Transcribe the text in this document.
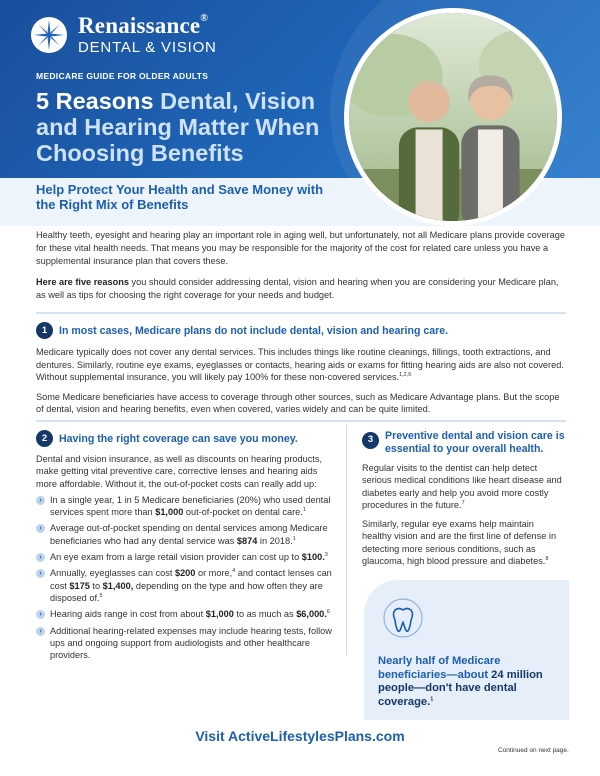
Renaissance®
DENTAL & VISION
MEDICARE GUIDE FOR OLDER ADULTS
5 Reasons Dental, Vision
and Hearing Matter When
Choosing Benefits
Help Protect Your Health and Save Money with the Right Mix of Benefits

Healthy teeth, eyesight and hearing play an important role in aging well, but unfortunately, not all Medicare plans provide coverage for these vital health needs. That means you may be responsible for the majority of the cost for related care unless you have a supplemental insurance plan that covers these.

Here are five reasons you should consider addressing dental, vision and hearing when you are considering your Medicare plan, as well as tips for choosing the right coverage for your needs and budget.

1	In most cases, Medicare plans do not include dental, vision and hearing care.

Medicare typically does not cover any dental services. This includes things like routine cleanings, fillings, tooth extractions, and dentures. Similarly, routine eye exams, eyeglasses or contacts, hearing aids or exams for fitting hearing aids are also not covered. Without supplemental insurance, you will likely pay 100% for these non-covered services.$^{1,2,6}$

Some Medicare beneficiaries have access to coverage through other sources, such as Medicare Advantage plans. But the scope of dental, vision and hearing benefits, even when covered, varies widely and can be quite limited.

2	Having the right coverage can save you money.

Dental and vision insurance, as well as discounts on hearing products, make getting vital preventive care, corrective lenses and hearing aids more affordable. Without it, the out-of-pocket costs can really add up:

› In a single year, 1 in 5 Medicare beneficiaries (20%) who used dental services spent more than $1,000 out-of-pocket on dental care.$^1$
› Average out-of-pocket spending on dental services among Medicare beneficiaries who had any dental service was $874 in 2018.$^1$
› An eye exam from a large retail vision provider can cost up to $100.$^3$
› Annually, eyeglasses can cost $200 or more,$^4$ and contact lenses can cost $175 to $1,400, depending on the type and how often they are disposed of.$^5$
› Hearing aids range in cost from about $1,000 to as much as $6,000.$^6$
› Additional hearing-related expenses may include hearing tests, follow ups and ongoing support from audiologists and other healthcare providers.
3	Preventive dental and vision care is essential to your overall health.

Regular visits to the dentist can help detect serious medical conditions like heart disease and diabetes early and help you avoid more costly procedures in the future.$^7$

Similarly, regular eye exams help maintain healthy vision and are the first line of defense in detecting more serious conditions, such as glaucoma, high blood pressure and diabetes.$^8$

Nearly half of Medicare beneficiaries—about 24 million people—don't have dental coverage.$^1$
Visit ActiveLifestylesPlans.com
Continued on next page.
